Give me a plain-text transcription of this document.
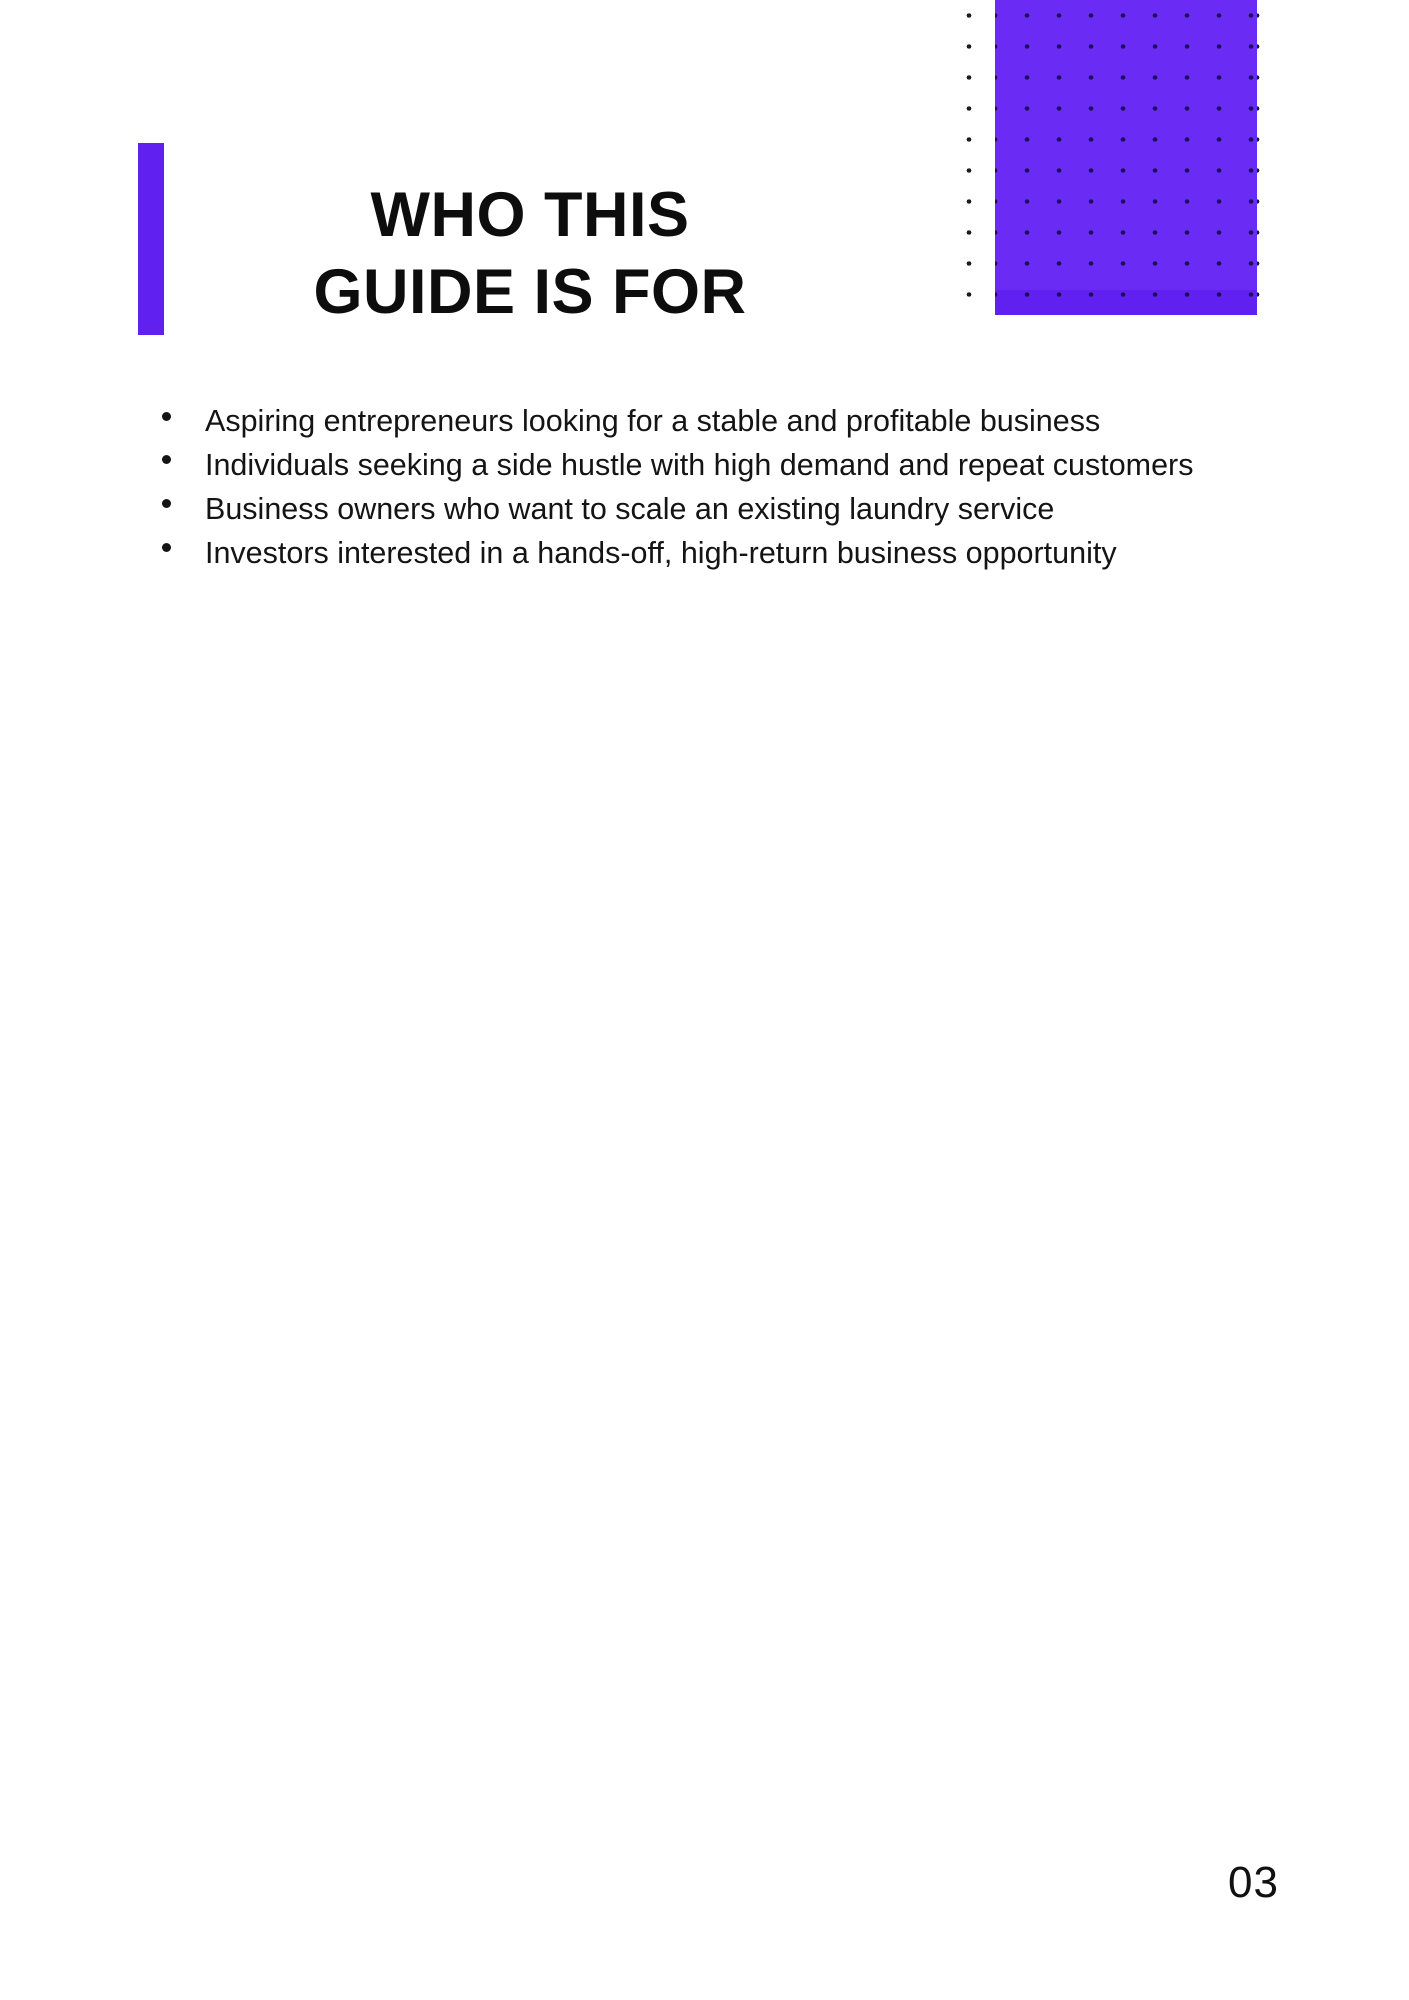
WHO THIS
GUIDE IS FOR
Aspiring entrepreneurs looking for a stable and profitable business
Individuals seeking a side hustle with high demand and repeat customers
Business owners who want to scale an existing laundry service
Investors interested in a hands-off, high-return business opportunity
03
